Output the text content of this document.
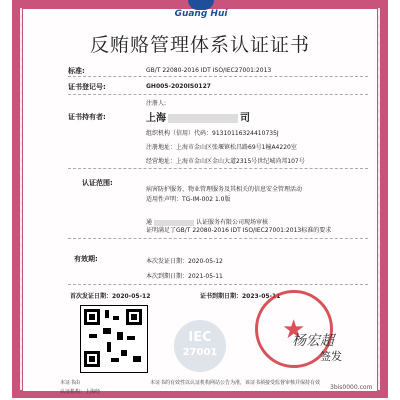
Guang Hui
反贿赂管理体系认证证书
标准:	GB/T 22080-2016 IDT ISO/IEC27001:2013
证书登记号:	GH005-2020IS0127
注册人:
证书持有者:	上海	司
组织机构（信用）代码：91310116324410735J
注册地址：上海市金山区张堰镇松昌路69号1幢A4220室
经营地址：上海市金山区金山大道2315号世纪城尚邦107号
认证范围:
病害防护服务、物业管理服务及其相关的信息安全管理活动
适用性声明：TG-IM-002 1.0版
通	认证服务有限公司现场审核
证明满足了GB/T 22080-2016 IDT ISO/IEC27001:2013标准的要求
有效期:	本次发证日期：2020-05-12
本次到期日期：2021-05-11
首次发证日期：2020-05-12	证书到期日期：2023-05-11
IEC
27001
★
杨宏超
签发
本证书由
认证机构：上海经
本证书的有效性以认证机构网站公告为准，该证书须接受监督审核并保持有效
3bis0000.com
